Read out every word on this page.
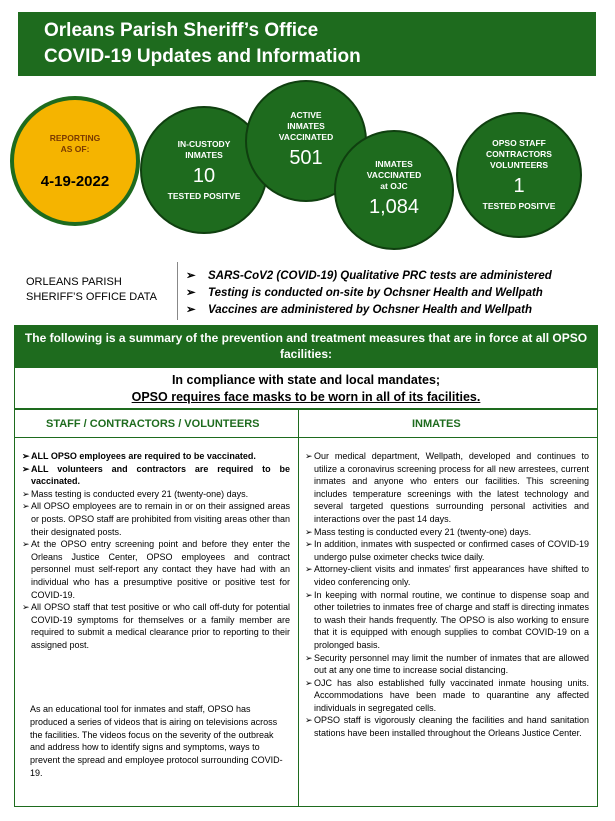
Orleans Parish Sheriff’s Office
COVID-19 Updates and Information
REPORTING
AS OF:
4-19-2022
IN-CUSTODY
INMATES
10
TESTED POSITVE
ACTIVE
INMATES
VACCINATED
501	INMATES
VACCINATED
at OJC
1,084
OPSO STAFF
CONTRACTORS
VOLUNTEERS
1
TESTED POSITVE
ORLEANS PARISH
SHERIFF’S OFFICE DATA
➢ SARS-CoV2 (COVID-19) Qualitative PRC tests are administered
➢ Testing is conducted on-site by Ochsner Health and Wellpath
➢ Vaccines are administered by Ochsner Health and Wellpath
The following is a summary of the prevention and treatment measures that are in force at all OPSO
facilities:
In compliance with state and local mandates;
OPSO requires face masks to be worn in all of its facilities.
STAFF / CONTRACTORS / VOLUNTEERS	INMATES
➢ ALL OPSO employees are required to be vaccinated.
➢ ALL volunteers and contractors are required to be vaccinated.
➢ Mass testing is conducted every 21 (twenty-one) days.
➢ All OPSO employees are to remain in or on their assigned areas or posts. OPSO staff are prohibited from visiting areas other than their designated posts.
➢ At the OPSO entry screening point and before they enter the Orleans Justice Center, OPSO employees and contract personnel must self-report any contact they have had with an individual who has a presumptive positive or positive test for COVID-19.
➢ All OPSO staff that test positive or who call off-duty for potential COVID-19 symptoms for themselves or a family member are required to submit a medical clearance prior to reporting to their assigned post.
As an educational tool for inmates and staff, OPSO has produced a series of videos that is airing on televisions across the facilities. The videos focus on the severity of the outbreak and address how to identify signs and symptoms, ways to prevent the spread and employee protocol surrounding COVID-19.
➢ Our medical department, Wellpath, developed and continues to utilize a coronavirus screening process for all new arrestees, current inmates and anyone who enters our facilities. This screening includes temperature screenings with the latest technology and several targeted questions surrounding personal activities and interactions over the past 14 days.
➢ Mass testing is conducted every 21 (twenty-one) days.
➢ In addition, inmates with suspected or confirmed cases of COVID-19 undergo pulse oximeter checks twice daily.
➢ Attorney-client visits and inmates' first appearances have shifted to video conferencing only.
➢ In keeping with normal routine, we continue to dispense soap and other toiletries to inmates free of charge and staff is directing inmates to wash their hands frequently. The OPSO is also working to ensure that it is equipped with enough supplies to combat COVID-19 on a prolonged basis.
➢ Security personnel may limit the number of inmates that are allowed out at any one time to increase social distancing.
➢ OJC has also established fully vaccinated inmate housing units. Accommodations have been made to quarantine any affected individuals in segregated cells.
➢ OPSO staff is vigorously cleaning the facilities and hand sanitation stations have been installed throughout the Orleans Justice Center.
